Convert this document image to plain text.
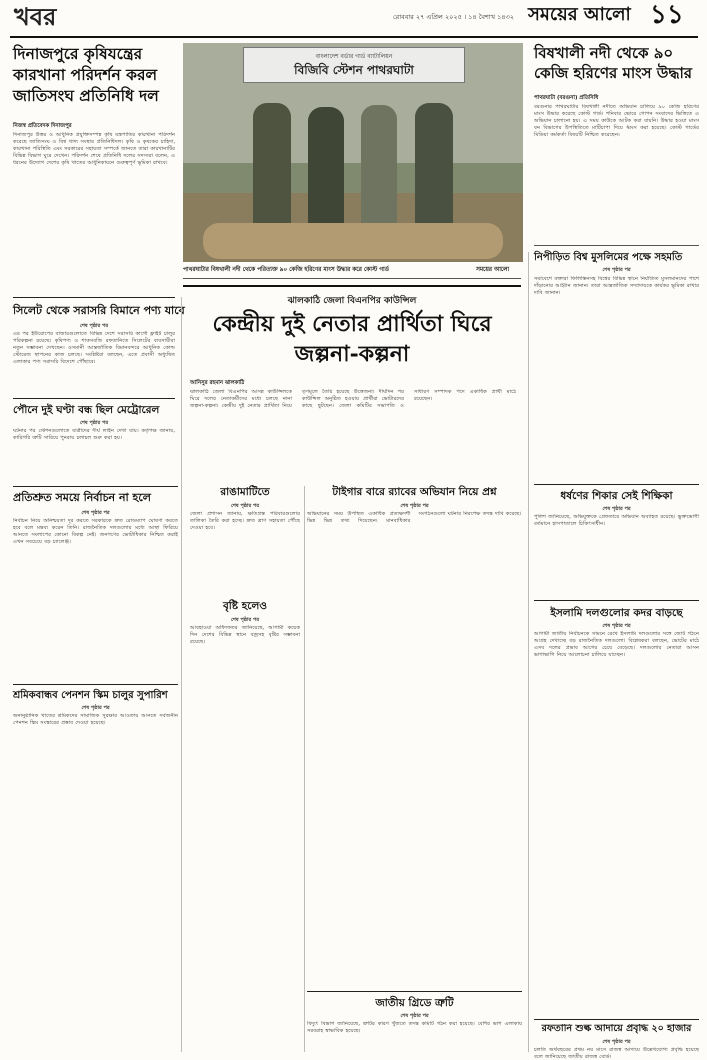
খবর	রোববার ২৭ এপ্রিল ২০২৫ । ১৪ বৈশাখ ১৪৩২ সময়ের আলো ১১
দিনাজপুরে কৃষিযন্ত্রের কারখানা পরিদর্শন করল জাতিসংঘ প্রতিনিধি দল
নিজস্ব প্রতিবেদক দিনাজপুর
দিনাজপুর উত্তর ও আধুনিক প্রযুক্তিসম্পন্ন কৃষি যন্ত্রপাতির কারখানা পরিদর্শন করেছে জাতিসংঘ ও বিশ্ব খাদ্য সংস্থার প্রতিনিধিদল। কৃষি ও কৃষকের চাহিদা, কারখানা পরিস্থিতি এবং সরকারের সহায়তা সম্পর্কে জানতে তারা কারখানাটির বিভিন্ন বিভাগ ঘুরে দেখেন। পরিদর্শন শেষে প্রতিনিধি দলের সদস্যরা বলেন, এ ধরনের উদ্যোগ দেশের কৃষি খাতের আধুনিকায়নে গুরুত্বপূর্ণ ভূমিকা রাখবে।
বাংলাদেশ বর্ডার গার্ড ব্যাটালিয়ন
বিজিবি স্টেশন পাথরঘাটা
পাথরঘাটার বিষখালী নদী থেকে পরিত্যক্ত ৯০ কেজি হরিণের মাংস উদ্ধার করে কোস্ট গার্ড	সময়ের আলো
বিষখালী নদী থেকে ৯০ কেজি হরিণের মাংস উদ্ধার
পাথরঘাটা (বরগুনা) প্রতিনিধি
বরগুনার পাথরঘাটার বিষখালী নদীতে অভিযান চালিয়ে ৯০ কেজি হরিণের মাংস উদ্ধার করেছে কোস্ট গার্ড। শনিবার ভোরে গোপন সংবাদের ভিত্তিতে এ অভিযান চালানো হয়। এ সময় কাউকে আটক করা যায়নি। উদ্ধার হওয়া মাংস বন বিভাগের উপস্থিতিতে মাটিচাপা দিয়ে ধ্বংস করা হয়েছে। কোস্ট গার্ডের মিডিয়া কর্মকর্তা বিষয়টি নিশ্চিত করেছেন।
সিলেট থেকে সরাসরি বিমানে পণ্য যাবে
শেষ পৃষ্ঠার পর
এর পর ইউরোপের বাজারগুলোতে বিভিন্ন দেশে সরাসরি কার্গো ফ্লাইট চালুর পরিকল্পনা রয়েছে। কৃষিপণ্য ও শাকসবজি রফতানিতে সিলেটের ব্যবসায়ীরা নতুন সম্ভাবনা দেখছেন। ওসমানী আন্তর্জাতিক বিমানবন্দরে আধুনিক কোল্ড স্টোরেজ স্থাপনের কাজ চলছে। সংশ্লিষ্টরা বলছেন, এতে প্রবাসী অধ্যুষিত এলাকার পণ্য সরাসরি বিদেশে পৌঁছাবে।
পৌনে দুই ঘণ্টা বন্ধ ছিল মেট্রোরেল
শেষ পৃষ্ঠার পর
ঘটনার পর স্টেশনগুলোতে যাত্রীদের দীর্ঘ লাইন দেখা যায়। কর্তৃপক্ষ জানায়, কারিগরি ত্রুটি সারিয়ে পুনরায় চলাচল শুরু করা হয়।
ঝালকাঠি জেলা বিএনপির কাউন্সিল
কেন্দ্রীয় দুই নেতার প্রার্থিতা ঘিরে জল্পনা-কল্পনা
আনিসুর রহমান ঝালকাঠি
ঝালকাঠি জেলা বিএনপির আসন্ন কাউন্সিলকে ঘিরে দলের নেতাকর্মীদের মধ্যে চলছে নানা জল্পনা-কল্পনা। কেন্দ্রীয় দুই নেতার প্রার্থিতা নিয়ে তৃণমূলে তৈরি হয়েছে উত্তেজনা। দীর্ঘদিন পর কাউন্সিল অনুষ্ঠিত হওয়ায় প্রার্থীরা ভোটারদের কাছে ছুটছেন। জেলা কমিটির সভাপতি ও সাধারণ সম্পাদক পদে একাধিক প্রার্থী মাঠে রয়েছেন।
নিপীড়িত বিশ্ব মুসলিমের পক্ষে সহমতি
শেষ পৃষ্ঠার পর
সমাবেশে বক্তারা ফিলিস্তিনসহ বিশ্বের বিভিন্ন স্থানে নির্যাতিত মুসলমানদের পাশে দাঁড়ানোর আহ্বান জানান। তারা আন্তর্জাতিক সম্প্রদায়কে কার্যকর ভূমিকা রাখার দাবি জানান।
ধর্ষণের শিকার সেই শিক্ষিকা
শেষ পৃষ্ঠার পর
পুলিশ জানিয়েছে, অভিযুক্তকে গ্রেফতারে অভিযান অব্যাহত রয়েছে। ভুক্তভোগী বর্তমানে হাসপাতালে চিকিৎসাধীন।
ইসলামি দলগুলোর কদর বাড়ছে
শেষ পৃষ্ঠার পর
আগামী জাতীয় নির্বাচনকে সামনে রেখে ইসলামি দলগুলোর সঙ্গে জোট গঠনে আগ্রহ দেখাচ্ছে বড় রাজনৈতিক দলগুলো। বিশ্লেষকরা বলছেন, ভোটের মাঠে এসব দলের প্রভাব আগের চেয়ে বেড়েছে। দলগুলোর নেতারা আসন ভাগাভাগি নিয়ে আলোচনা চালিয়ে যাচ্ছেন।
প্রতিশ্রুত সময়ে নির্বাচন না হলে
শেষ পৃষ্ঠার পর
নির্বাচন নিয়ে অনিশ্চয়তা দূর করতে সরকারকে দ্রুত রোডম্যাপ ঘোষণা করতে হবে বলে মন্তব্য করেন তিনি। রাজনৈতিক দলগুলোর মধ্যে আস্থা ফিরিয়ে আনতে সংলাপের কোনো বিকল্প নেই। জনগণের ভোটাধিকার নিশ্চিত করাই এখন সবচেয়ে বড় চ্যালেঞ্জ।
রাঙামাটিতে
শেষ পৃষ্ঠার পর
জেলা প্রশাসন জানায়, ক্ষতিগ্রস্ত পরিবারগুলোর তালিকা তৈরি করা হচ্ছে। দ্রুত ত্রাণ সহায়তা পৌঁছে দেওয়া হবে।
বৃষ্টি হলেও
শেষ পৃষ্ঠার পর
আবহাওয়া অধিদফতর জানিয়েছে, আগামী কয়েক দিন দেশের বিভিন্ন স্থানে বজ্রসহ বৃষ্টির সম্ভাবনা রয়েছে।
টাইগার বারে র‌্যাবের অভিযান নিয়ে প্রশ্ন
শেষ পৃষ্ঠার পর
অভিযানের সময় উপস্থিত একাধিক প্রত্যক্ষদর্শী ভিন্ন ভিন্ন তথ্য দিয়েছেন। মানবাধিকার সংগঠনগুলো ঘটনার নিরপেক্ষ তদন্ত দাবি করেছে।
শ্রমিকবান্ধব পেনশন স্কিম চালুর সুপারিশ
শেষ পৃষ্ঠার পর
অনানুষ্ঠানিক খাতের শ্রমিকদের সামাজিক সুরক্ষার আওতায় আনতে সর্বজনীন পেনশন স্কিম সংস্কারের প্রস্তাব দেওয়া হয়েছে।
জাতীয় গ্রিডে ত্রুটি
শেষ পৃষ্ঠার পর
বিদ্যুৎ বিভাগ জানিয়েছে, ত্রুটির কারণ খুঁজতে তদন্ত কমিটি গঠন করা হয়েছে। বেশির ভাগ এলাকায় সরবরাহ স্বাভাবিক হয়েছে।	রফতানি শুল্ক আদায়ে প্রবৃদ্ধি ২০ হাজার
শেষ পৃষ্ঠার পর
চলতি অর্থবছরের প্রথম নয় মাসে রাজস্ব আদায়ে উল্লেখযোগ্য প্রবৃদ্ধি হয়েছে বলে জানিয়েছে জাতীয় রাজস্ব বোর্ড।
